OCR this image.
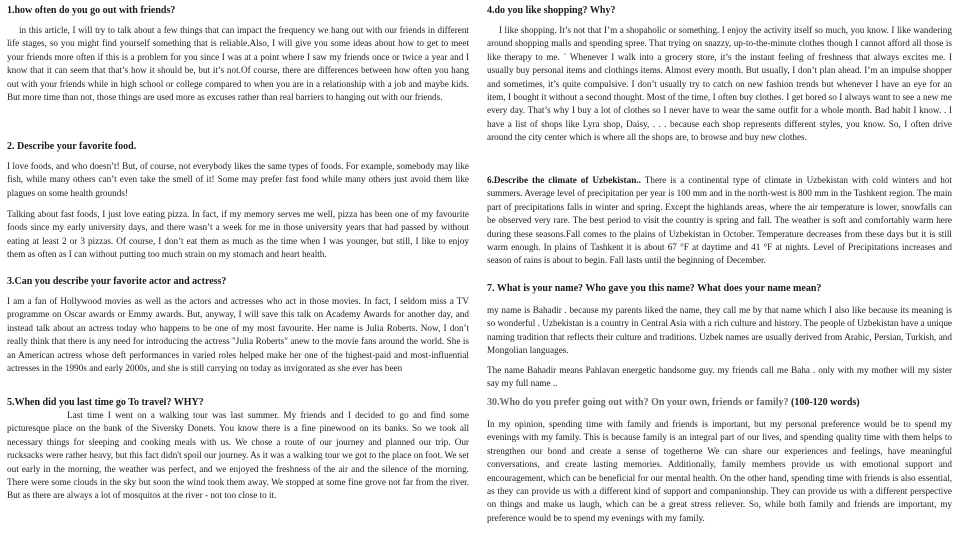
1.how often do you go out with friends?

in this article, I will try to talk about a few things that can impact the frequency we hang out with our friends in different life stages, so you might find yourself something that is reliable.Also, I will give you some ideas about how to get to meet your friends more often if this is a problem for you since I was at a point where I saw my friends once or twice a year and I know that it can seem that that’s how it should be, but it’s not.Of course, there are differences between how often you hang out with your friends while in high school or college compared to when you are in a relationship with a job and maybe kids. But more time than not, those things are used more as excuses rather than real barriers to hanging out with our friends.

2. Describe your favorite food.

I love foods, and who doesn’t! But, of course, not everybody likes the same types of foods. For example, somebody may like fish, while many others can’t even take the smell of it! Some may prefer fast food while many others just avoid them like plagues on some health grounds!

Talking about fast foods, I just love eating pizza. In fact, if my memory serves me well, pizza has been one of my favourite foods since my early university days, and there wasn’t a week for me in those university years that had passed by without eating at least 2 or 3 pizzas. Of course, I don’t eat them as much as the time when I was younger, but still, I like to enjoy them as often as I can without putting too much strain on my stomach and heart health.

3.Can you describe your favorite actor and actress?

I am a fan of Hollywood movies as well as the actors and actresses who act in those movies. In fact, I seldom miss a TV programme on Oscar awards or Emmy awards. But, anyway, I will save this talk on Academy Awards for another day, and instead talk about an actress today who happens to be one of my most favourite. Her name is Julia Roberts. Now, I don’t really think that there is any need for introducing the actress "Julia Roberts" anew to the movie fans around the world. She is an American actress whose deft performances in varied roles helped make her one of the highest-paid and most-influential actresses in the 1990s and early 2000s, and she is still carrying on today as invigorated as she ever has been

5.When did you last time go To travel? WHY?

Last time I went on a walking tour was last summer. My friends and I decided to go and find some picturesque place on the bank of the Siversky Donets. You know there is a fine pinewood on its banks. So we took all necessary things for sleeping and cooking meals with us. We chose a route of our journey and planned our trip. Our rucksacks were rather heavy, but this fact didn't spoil our journey. As it was a walking tour we got to the place on foot. We set out early in the morning, the weather was perfect, and we enjoyed the freshness of the air and the silence of the morning. There were some clouds in the sky but soon the wind took them away. We stopped at some fine grove not far from the river. But as there are always a lot of mosquitos at the river - not too close to it.

4.do you like shopping? Why?

I like shopping. It’s not that I’m a shopaholic or something. I enjoy the activity itself so much, you know. I like wandering around shopping malls and spending spree. That trying on snazzy, up-to-the-minute clothes though I cannot afford all those is like therapy to me. ` Whenever I walk into a grocery store, it’s the instant feeling of freshness that always excites me. I usually buy personal items and clothings items. Almost every month. But usually, I don’t plan ahead. I’m an impulse shopper and sometimes, it’s quite compulsive. I don’t usually try to catch on new fashion trends but whenever I have an eye for an item, I bought it without a second thought. Most of the time, I often buy clothes. I get bored so I always want to see a new me every day. That’s why I buy a lot of clothes so I never have to wear the same outfit for a whole month. Bad habit I know. . I have a list of shops like Lyra shop, Daisy, . . . because each shop represents different styles, you know. So, I often drive around the city center which is where all the shops are, to browse and buy new clothes.

6.Describe the climate of Uzbekistan.. There is a continental type of climate in Uzbekistan with cold winters and hot summers. Average level of precipitation per year is 100 mm and in the north-west is 800 mm in the Tashkent region. The main part of precipitations falls in winter and spring. Except the highlands areas, where the air temperature is lower, snowfalls can be observed very rare. The best period to visit the country is spring and fall. The weather is soft and comfortably warm here during these seasons.Fall comes to the plains of Uzbekistan in October. Temperature decreases from these days but it is still warm enough. In plains of Tashkent it is about 67 °F at daytime and 41 °F at nights. Level of Precipitations increases and season of rains is about to begin. Fall lasts until the beginning of December.

7. What is your name? Who gave you this name? What does your name mean?

my name is Bahadir . because my parents liked the name, they call me by that name which I also like because its meaning is so wonderful . Uzbekistan is a country in Central Asia with a rich culture and history. The people of Uzbekistan have a unique naming tradition that reflects their culture and traditions. Uzbek names are usually derived from Arabic, Persian, Turkish, and Mongolian languages.

The name Bahadir means Pahlavan energetic handsome guy. my friends call me Baha . only with my mother will my sister say my full name ..

30.Who do you prefer going out with? On your own, friends or family? (100-120 words)

In my opinion, spending time with family and friends is important, but my personal preference would be to spend my evenings with my family. This is because family is an integral part of our lives, and spending quality time with them helps to strengthen our bond and create a sense of togetherne We can share our experiences and feelings, have meaningful conversations, and create lasting memories. Additionally, family members provide us with emotional support and encouragement, which can be beneficial for our mental health. On the other hand, spending time with friends is also essential, as they can provide us with a different kind of support and companionship. They can provide us with a different perspective on things and make us laugh, which can be a great stress reliever. So, while both family and friends are important, my preference would be to spend my evenings with my family.
